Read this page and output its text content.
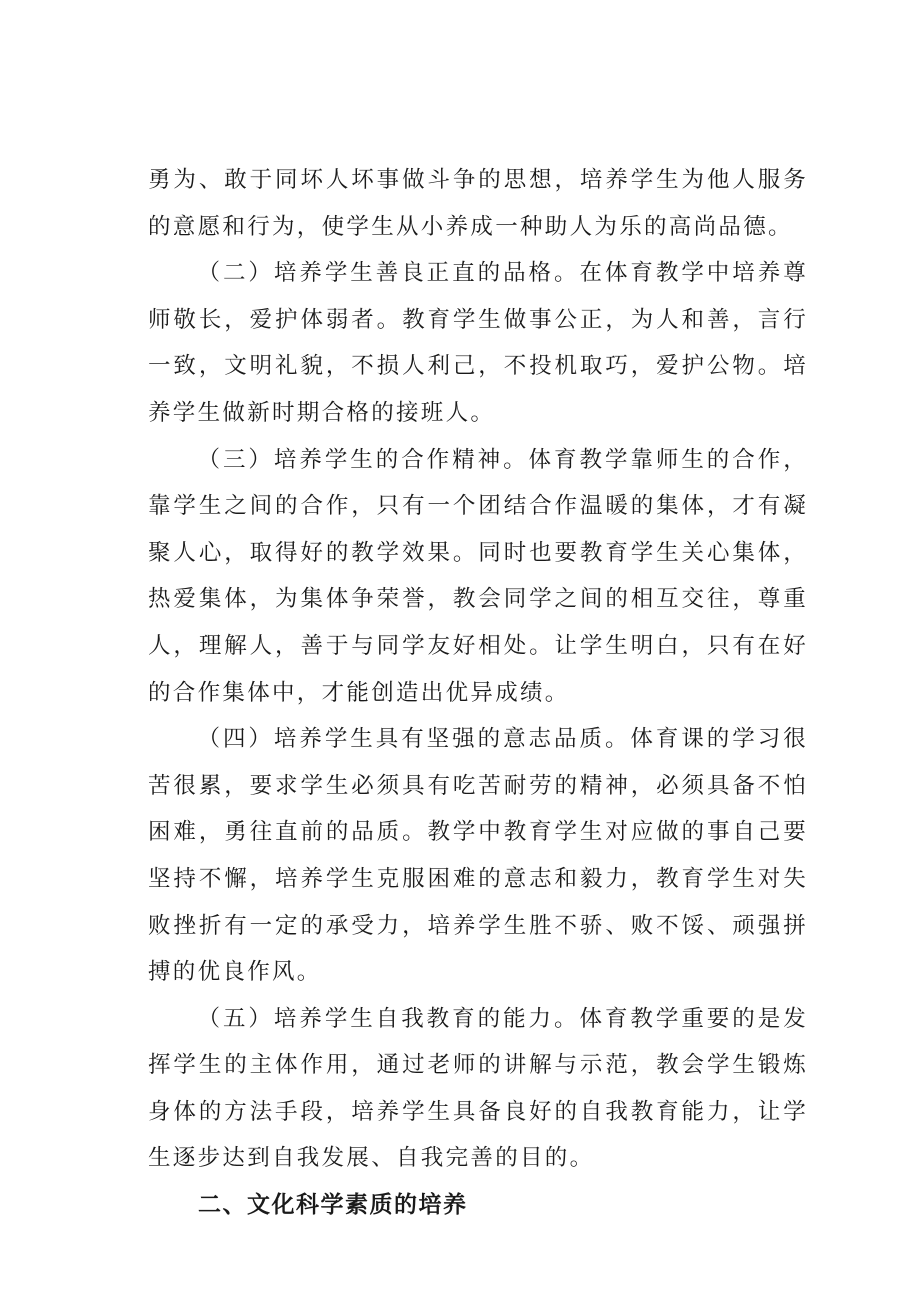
勇为、敢于同坏人坏事做斗争的思想，培养学生为他人服务的意愿和行为，使学生从小养成一种助人为乐的高尚品德。

（二）培养学生善良正直的品格。在体育教学中培养尊师敬长，爱护体弱者。教育学生做事公正，为人和善，言行一致，文明礼貌，不损人利己，不投机取巧，爱护公物。培养学生做新时期合格的接班人。

（三）培养学生的合作精神。体育教学靠师生的合作，靠学生之间的合作，只有一个团结合作温暖的集体，才有凝聚人心，取得好的教学效果。同时也要教育学生关心集体，热爱集体，为集体争荣誉，教会同学之间的相互交往，尊重人，理解人，善于与同学友好相处。让学生明白，只有在好的合作集体中，才能创造出优异成绩。

（四）培养学生具有坚强的意志品质。体育课的学习很苦很累，要求学生必须具有吃苦耐劳的精神，必须具备不怕困难，勇往直前的品质。教学中教育学生对应做的事自己要坚持不懈，培养学生克服困难的意志和毅力，教育学生对失败挫折有一定的承受力，培养学生胜不骄、败不馁、顽强拼搏的优良作风。

（五）培养学生自我教育的能力。体育教学重要的是发挥学生的主体作用，通过老师的讲解与示范，教会学生锻炼身体的方法手段，培养学生具备良好的自我教育能力，让学生逐步达到自我发展、自我完善的目的。

二、文化科学素质的培养
